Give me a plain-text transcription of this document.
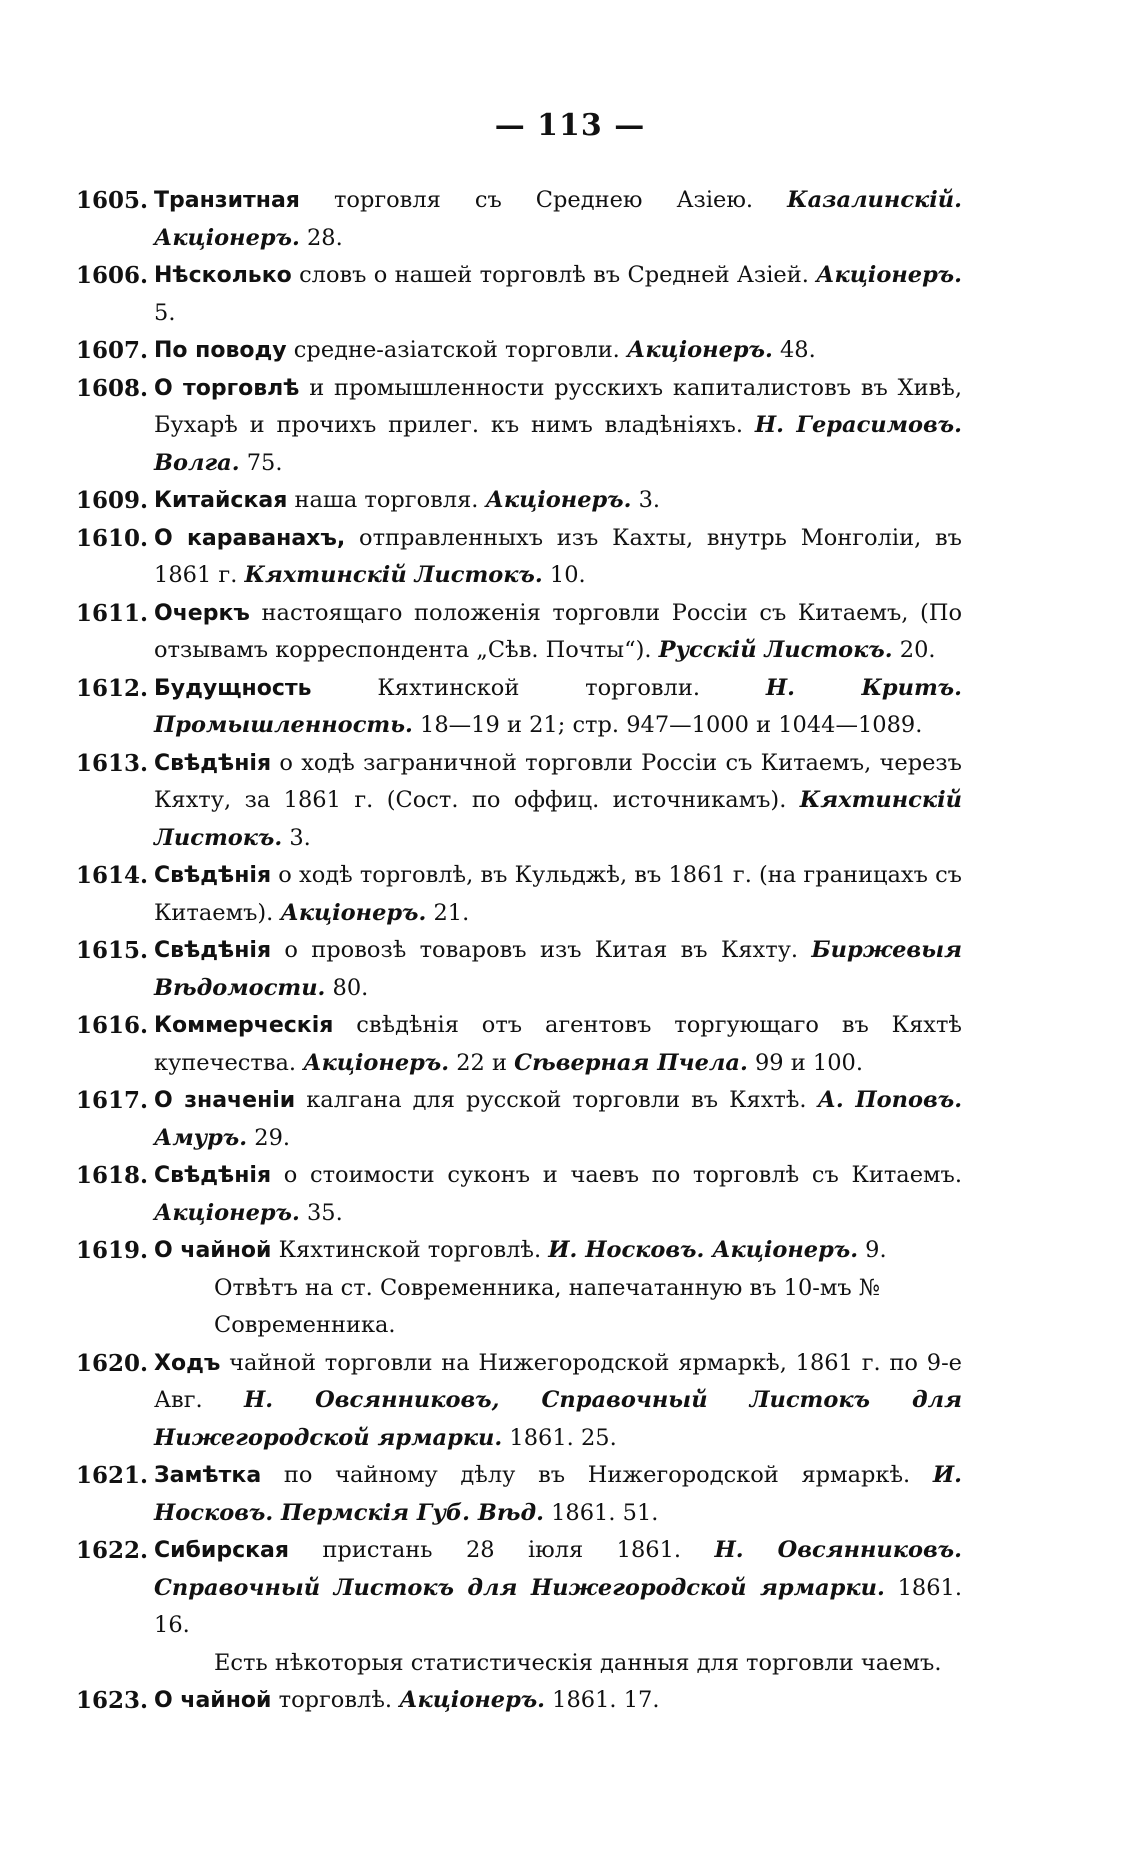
— 113 —

1605. Транзитная торговля съ Среднею Азіею. Казалинскій. Акціонеръ. 28.

1606. Нѣсколько словъ о нашей торговлѣ въ Средней Азіей. Акціонеръ. 5.

1607. По поводу средне-азіатской торговли. Акціонеръ. 48.

1608. О торговлѣ и промышленности русскихъ капиталистовъ въ Хивѣ, Бухарѣ и прочихъ прилег. къ нимъ владѣніяхъ. Н. Герасимовъ. Волга. 75.

1609. Китайская наша торговля. Акціонеръ. 3.

1610. О караванахъ, отправленныхъ изъ Кахты, внутрь Монголіи, въ 1861 г. Кяхтинскій Листокъ. 10.

1611. Очеркъ настоящаго положенія торговли Россіи съ Китаемъ, (По отзывамъ корреспондента „Сѣв. Почты“). Русскій Листокъ. 20.

1612. Будущность Кяхтинской торговли. Н. Критъ. Промышленность. 18—19 и 21; стр. 947—1000 и 1044—1089.

1613. Свѣдѣнія о ходѣ заграничной торговли Россіи съ Китаемъ, черезъ Кяхту, за 1861 г. (Сост. по оффиц. источникамъ). Кяхтинскій Листокъ. 3.

1614. Свѣдѣнія о ходѣ торговлѣ, въ Кульджѣ, въ 1861 г. (на границахъ съ Китаемъ). Акціонеръ. 21.

1615. Свѣдѣнія о провозѣ товаровъ изъ Китая въ Кяхту. Биржевыя Вѣдомости. 80.

1616. Коммерческія свѣдѣнія отъ агентовъ торгующаго въ Кяхтѣ купечества. Акціонеръ. 22 и Сѣверная Пчела. 99 и 100.

1617. О значеніи калгана для русской торговли въ Кяхтѣ. А. Поповъ. Амуръ. 29.

1618. Свѣдѣнія о стоимости суконъ и чаевъ по торговлѣ съ Китаемъ. Акціонеръ. 35.

1619. О чайной Кяхтинской торговлѣ. И. Носковъ. Акціонеръ. 9.

Отвѣтъ на ст. Современника, напечатанную въ 10-мъ № Современника.

1620. Ходъ чайной торговли на Нижегородской ярмаркѣ, 1861 г. по 9-е Авг. Н. Овсянниковъ, Справочный Листокъ для Нижегородской ярмарки. 1861. 25.

1621. Замѣтка по чайному дѣлу въ Нижегородской ярмаркѣ. И. Носковъ. Пермскія Губ. Вѣд. 1861. 51.

1622. Сибирская пристань 28 іюля 1861. Н. Овсянниковъ. Справочный Листокъ для Нижегородской ярмарки. 1861. 16.

Есть нѣкоторыя статистическія данныя для торговли чаемъ.

1623. О чайной торговлѣ. Акціонеръ. 1861. 17.
